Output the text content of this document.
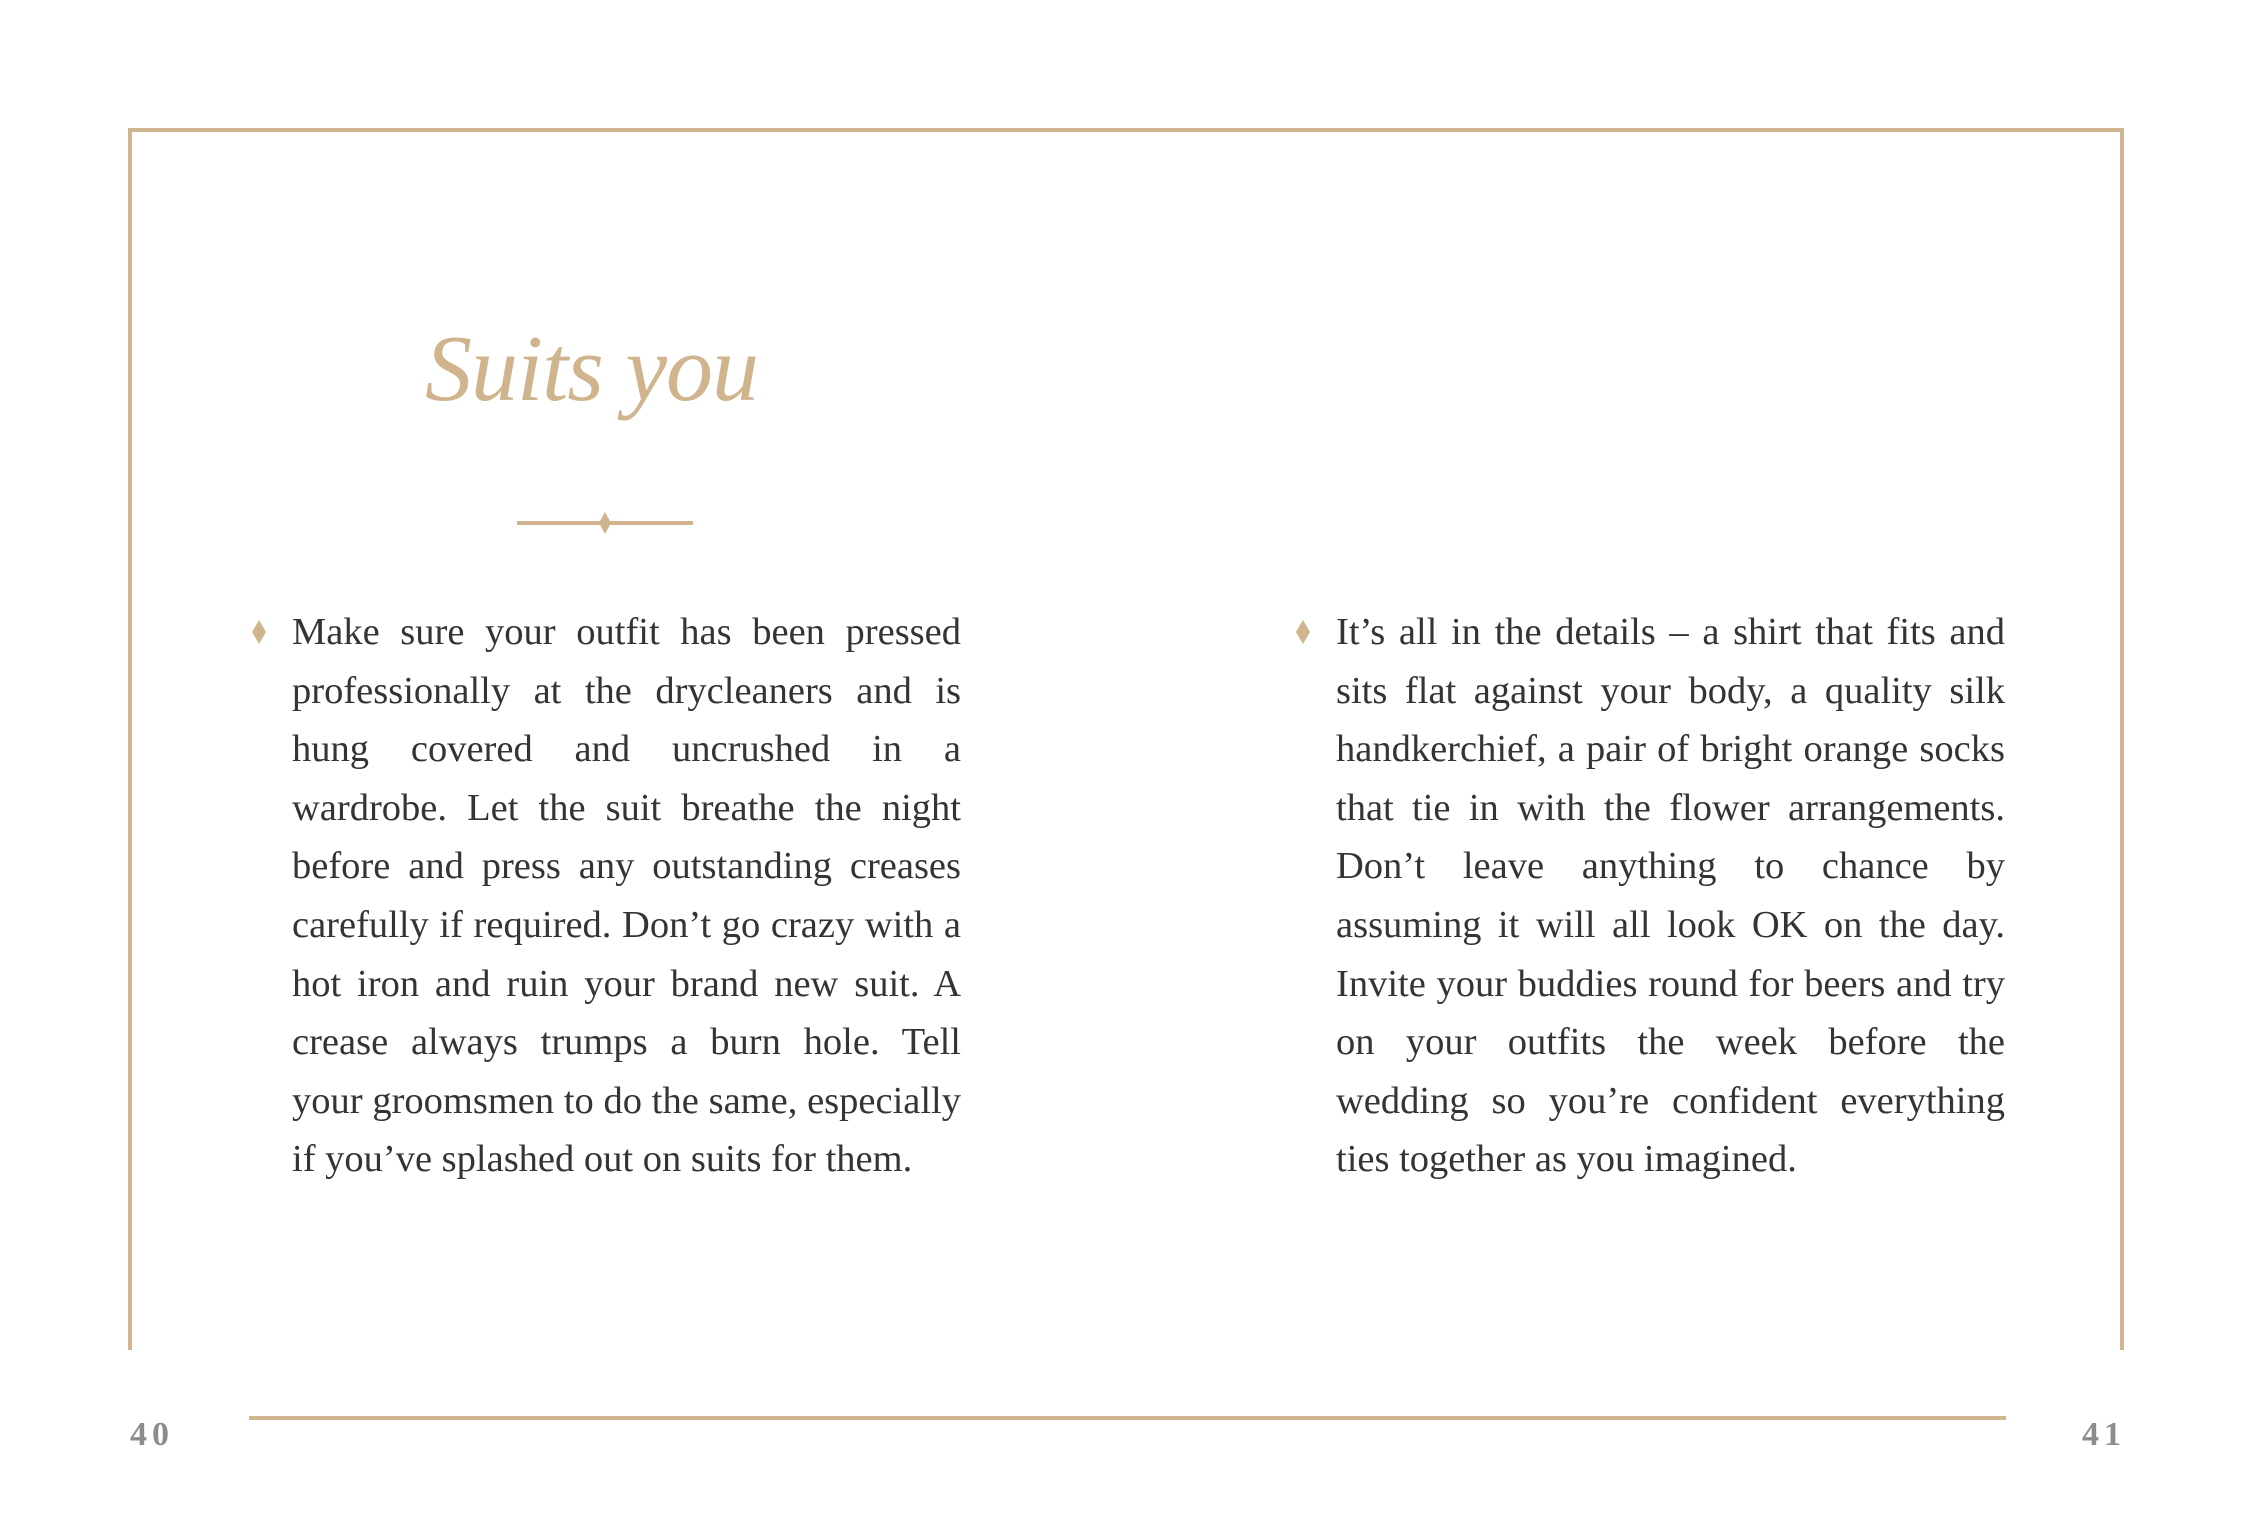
Suits you

Make sure your outfit has been pressed professionally at the drycleaners and is hung covered and uncrushed in a wardrobe. Let the suit breathe the night before and press any outstanding creases carefully if required. Don’t go crazy with a hot iron and ruin your brand new suit. A crease always trumps a burn hole. Tell your groomsmen to do the same, especially if you’ve splashed out on suits for them.

It’s all in the details – a shirt that fits and sits flat against your body, a quality silk handkerchief, a pair of bright orange socks that tie in with the flower arrangements. Don’t leave anything to chance by assuming it will all look OK on the day. Invite your buddies round for beers and try on your outfits the week before the wedding so you’re confident everything ties together as you imagined.

40	41
